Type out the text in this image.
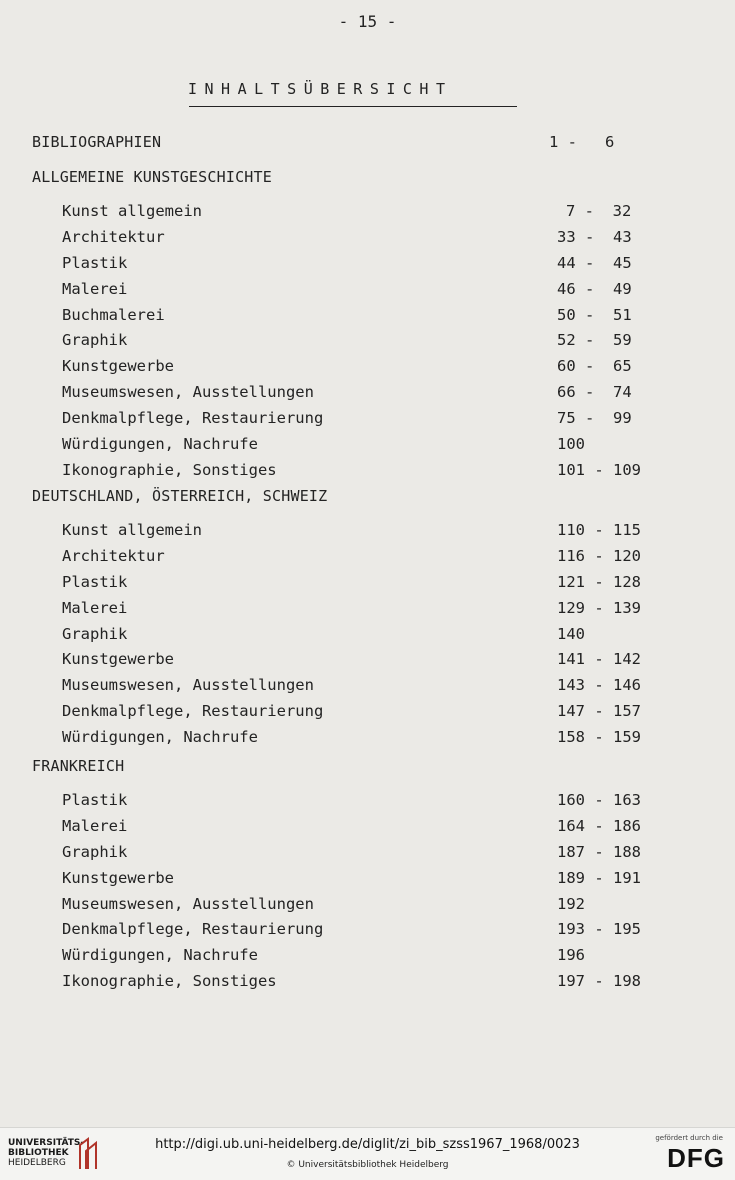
- 15 -
INHALTSÜBERSICHT
BIBLIOGRAPHIEN	1 -   6
ALLGEMEINE KUNSTGESCHICHTE
Kunst allgemein	7 -  32
Architektur	33 -  43
Plastik	44 -  45
Malerei	46 -  49
Buchmalerei	50 -  51
Graphik	52 -  59
Kunstgewerbe	60 -  65
Museumswesen, Ausstellungen	66 -  74
Denkmalpflege, Restaurierung	75 -  99
Würdigungen, Nachrufe	100
Ikonographie, Sonstiges	101 - 109
DEUTSCHLAND, ÖSTERREICH, SCHWEIZ
Kunst allgemein	110 - 115
Architektur	116 - 120
Plastik	121 - 128
Malerei	129 - 139
Graphik	140
Kunstgewerbe	141 - 142
Museumswesen, Ausstellungen	143 - 146
Denkmalpflege, Restaurierung	147 - 157
Würdigungen, Nachrufe	158 - 159
FRANKREICH
Plastik	160 - 163
Malerei	164 - 186
Graphik	187 - 188
Kunstgewerbe	189 - 191
Museumswesen, Ausstellungen	192
Denkmalpflege, Restaurierung	193 - 195
Würdigungen, Nachrufe	196
Ikonographie, Sonstiges	197 - 198
UNIVERSITÄTS-
BIBLIOTHEK
HEIDELBERG
http://digi.ub.uni-heidelberg.de/diglit/zi_bib_szss1967_1968/0023
© Universitätsbibliothek Heidelberg
gefördert durch die
DFG
